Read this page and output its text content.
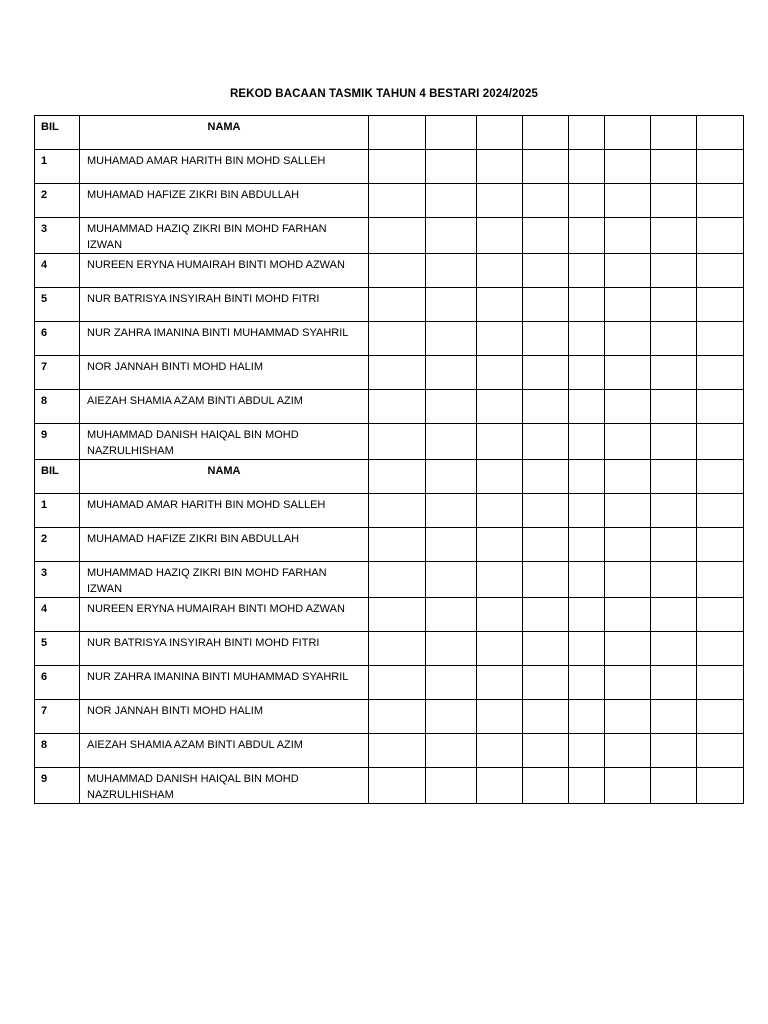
REKOD BACAAN TASMIK TAHUN 4 BESTARI 2024/2025
BIL	NAMA								
1	MUHAMAD AMAR HARITH BIN MOHD SALLEH								
2	MUHAMAD HAFIZE ZIKRI BIN ABDULLAH								
3	MUHAMMAD HAZIQ ZIKRI BIN MOHD FARHAN IZWAN								
4	NUREEN ERYNA HUMAIRAH BINTI MOHD AZWAN								
5	NUR BATRISYA INSYIRAH BINTI MOHD FITRI								
6	NUR ZAHRA IMANINA BINTI MUHAMMAD SYAHRIL								
7	NOR JANNAH BINTI MOHD HALIM								
8	AIEZAH SHAMIA AZAM BINTI ABDUL AZIM								
9	MUHAMMAD DANISH HAIQAL BIN MOHD NAZRULHISHAM								
BIL	NAMA								
1	MUHAMAD AMAR HARITH BIN MOHD SALLEH								
2	MUHAMAD HAFIZE ZIKRI BIN ABDULLAH								
3	MUHAMMAD HAZIQ ZIKRI BIN MOHD FARHAN IZWAN								
4	NUREEN ERYNA HUMAIRAH BINTI MOHD AZWAN								
5	NUR BATRISYA INSYIRAH BINTI MOHD FITRI								
6	NUR ZAHRA IMANINA BINTI MUHAMMAD SYAHRIL								
7	NOR JANNAH BINTI MOHD HALIM								
8	AIEZAH SHAMIA AZAM BINTI ABDUL AZIM								
9	MUHAMMAD DANISH HAIQAL BIN MOHD NAZRULHISHAM								
